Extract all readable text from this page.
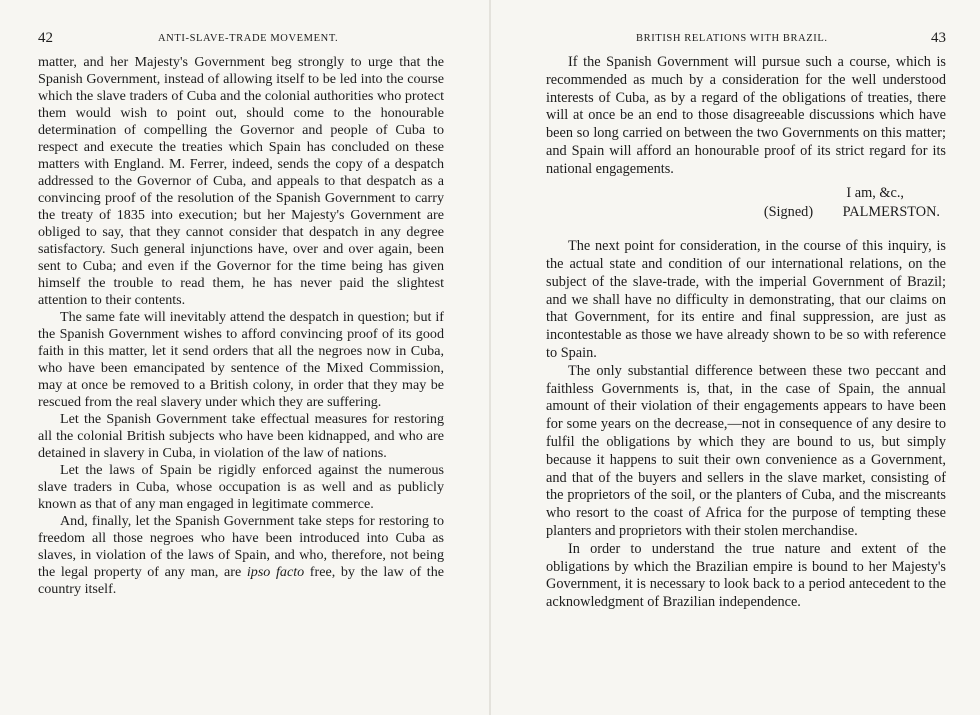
42	ANTI-SLAVE-TRADE MOVEMENT.

matter, and her Majesty's Government beg strongly to urge that the Spanish Government, instead of allowing itself to be led into the course which the slave traders of Cuba and the colonial authorities who protect them would wish to point out, should come to the honourable determination of compelling the Governor and people of Cuba to respect and execute the treaties which Spain has concluded on these matters with England. M. Ferrer, indeed, sends the copy of a despatch addressed to the Governor of Cuba, and appeals to that despatch as a convincing proof of the resolution of the Spanish Government to carry the treaty of 1835 into execution; but her Majesty's Government are obliged to say, that they cannot consider that despatch in any degree satisfactory. Such general injunctions have, over and over again, been sent to Cuba; and even if the Governor for the time being has given himself the trouble to read them, he has never paid the slightest attention to their contents.

The same fate will inevitably attend the despatch in question; but if the Spanish Government wishes to afford convincing proof of its good faith in this matter, let it send orders that all the negroes now in Cuba, who have been emancipated by sentence of the Mixed Commission, may at once be removed to a British colony, in order that they may be rescued from the real slavery under which they are suffering.

Let the Spanish Government take effectual measures for restoring all the colonial British subjects who have been kidnapped, and who are detained in slavery in Cuba, in violation of the law of nations.

Let the laws of Spain be rigidly enforced against the numerous slave traders in Cuba, whose occupation is as well and as publicly known as that of any man engaged in legitimate commerce.

And, finally, let the Spanish Government take steps for restoring to freedom all those negroes who have been introduced into Cuba as slaves, in violation of the laws of Spain, and who, therefore, not being the legal property of any man, are ipso facto free, by the law of the country itself.

BRITISH RELATIONS WITH BRAZIL.	43

If the Spanish Government will pursue such a course, which is recommended as much by a consideration for the well understood interests of Cuba, as by a regard of the obligations of treaties, there will at once be an end to those disagreeable discussions which have been so long carried on between the two Governments on this matter; and Spain will afford an honourable proof of its strict regard for its national engagements.

I am, &c.,
(Signed) PALMERSTON.

The next point for consideration, in the course of this inquiry, is the actual state and condition of our international relations, on the subject of the slave-trade, with the imperial Government of Brazil; and we shall have no difficulty in demonstrating, that our claims on that Government, for its entire and final suppression, are just as incontestable as those we have already shown to be so with reference to Spain.

The only substantial difference between these two peccant and faithless Governments is, that, in the case of Spain, the annual amount of their violation of their engagements appears to have been for some years on the decrease,—not in consequence of any desire to fulfil the obligations by which they are bound to us, but simply because it happens to suit their own convenience as a Government, and that of the buyers and sellers in the slave market, consisting of the proprietors of the soil, or the planters of Cuba, and the miscreants who resort to the coast of Africa for the purpose of tempting these planters and proprietors with their stolen merchandise.

In order to understand the true nature and extent of the obligations by which the Brazilian empire is bound to her Majesty's Government, it is necessary to look back to a period antecedent to the acknowledgment of Brazilian independence.
